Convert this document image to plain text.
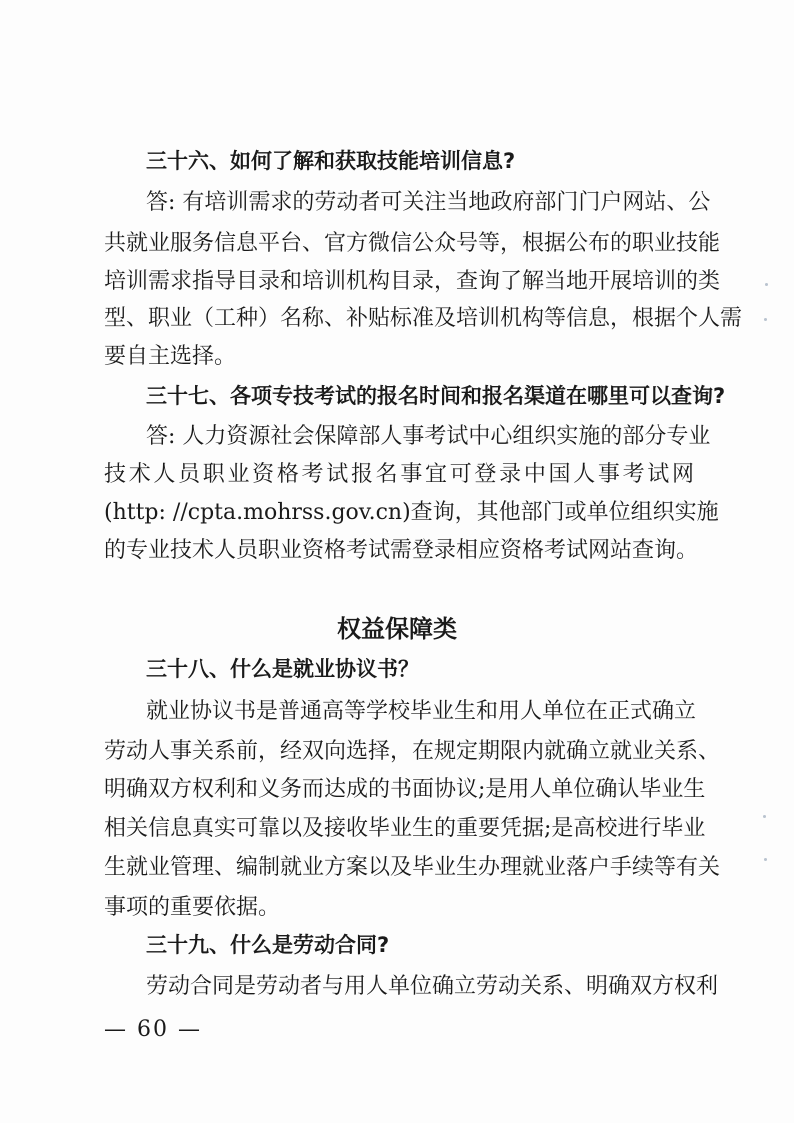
三十六、如何了解和获取技能培训信息?
答: 有培训需求的劳动者可关注当地政府部门门户网站、公
共就业服务信息平台、官方微信公众号等，根据公布的职业技能
培训需求指导目录和培训机构目录，查询了解当地开展培训的类
型、职业（工种）名称、补贴标准及培训机构等信息，根据个人需
要自主选择。
三十七、各项专技考试的报名时间和报名渠道在哪里可以查询?
答: 人力资源社会保障部人事考试中心组织实施的部分专业
技术人员职业资格考试报名事宜可登录中国人事考试网
(http: //cpta.mohrss.gov.cn)查询，其他部门或单位组织实施
的专业技术人员职业资格考试需登录相应资格考试网站查询。
权益保障类
三十八、什么是就业协议书？
就业协议书是普通高等学校毕业生和用人单位在正式确立
劳动人事关系前，经双向选择，在规定期限内就确立就业关系、
明确双方权利和义务而达成的书面协议;是用人单位确认毕业生
相关信息真实可靠以及接收毕业生的重要凭据;是高校进行毕业
生就业管理、编制就业方案以及毕业生办理就业落户手续等有关
事项的重要依据。
三十九、什么是劳动合同?
劳动合同是劳动者与用人单位确立劳动关系、明确双方权利
— 60 —
